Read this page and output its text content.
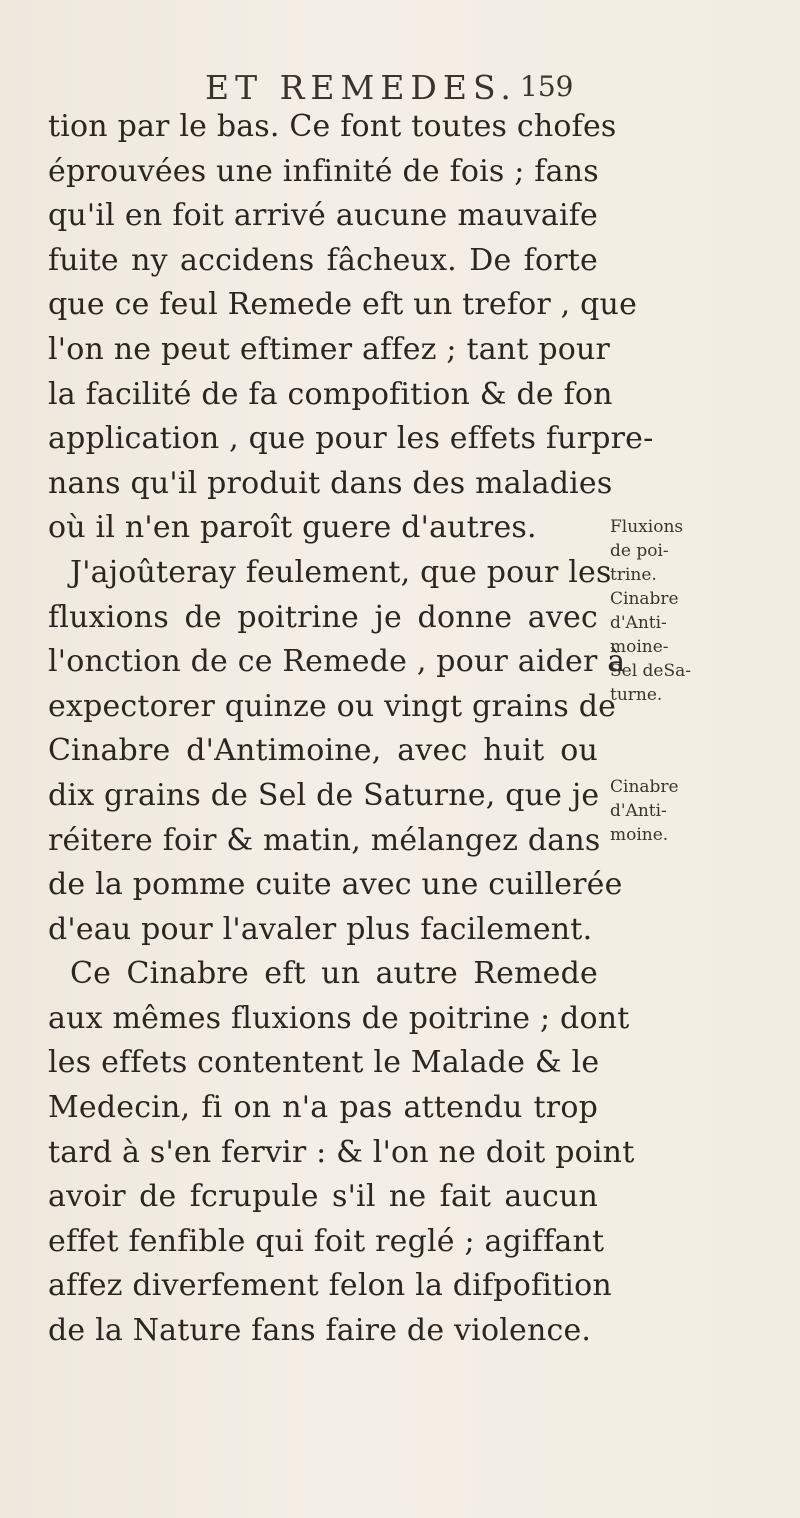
ET REMEDES. 159
tion par le bas. Ce font toutes chofes
éprouvées une infinité de fois ; fans
qu'il en foit arrivé aucune mauvaife
fuite ny accidens fâcheux. De forte
que ce feul Remede eft un trefor , que
l'on ne peut eftimer affez ; tant pour
la facilité de fa compofition & de fon
application , que pour les effets furpre-
nans qu'il produit dans des maladies
où il n'en paroît guere d'autres.
J'ajoûteray feulement, que pour les
fluxions de poitrine je donne avec
l'onction de ce Remede , pour aider à
expectorer quinze ou vingt grains de
Cinabre d'Antimoine, avec huit ou
dix grains de Sel de Saturne, que je
réitere foir & matin, mélangez dans
de la pomme cuite avec une cuillerée
d'eau pour l'avaler plus facilement.
Ce Cinabre eft un autre Remede
aux mêmes fluxions de poitrine ; dont
les effets contentent le Malade & le
Medecin, fi on n'a pas attendu trop
tard à s'en fervir : & l'on ne doit point
avoir de fcrupule s'il ne fait aucun
effet fenfible qui foit reglé ; agiffant
affez diverfement felon la difpofition
de la Nature fans faire de violence.
Fluxions
de poi-
trine.
Cinabre
d'Anti-
moine-
Sel deSa-
turne.
Cinabre
d'Anti-
moine.
